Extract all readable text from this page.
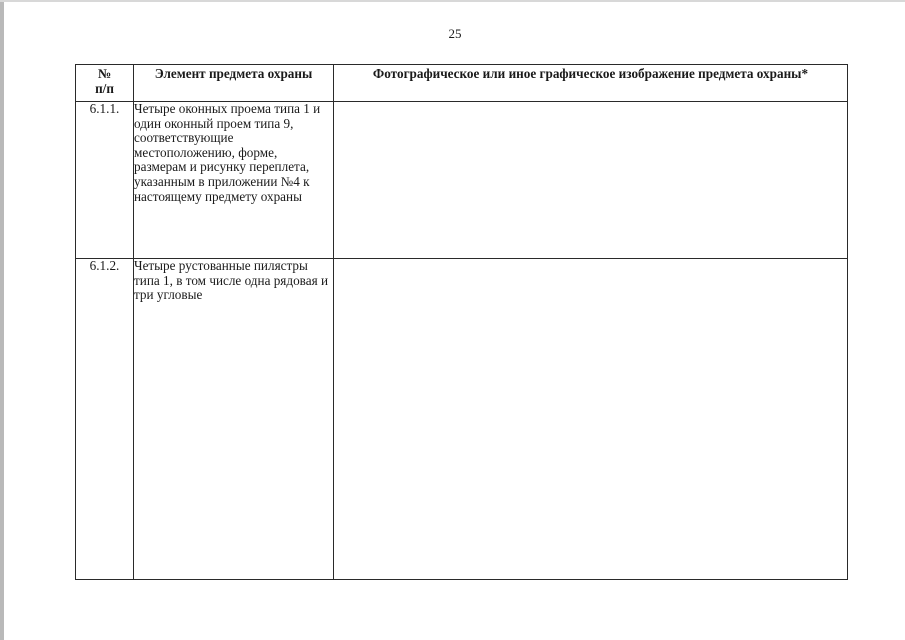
25
№
п/п	Элемент предмета охраны	Фотографическое или иное графическое изображение предмета охраны*
6.1.1.	Четыре оконных проема типа 1 и один оконный проем типа 9, соответствующие местоположению, форме, размерам и рисунку переплета, указанным в приложении №4 к настоящему предмету охраны	
6.1.2.	Четыре рустованные пилястры типа 1, в том числе одна рядовая и три угловые	
